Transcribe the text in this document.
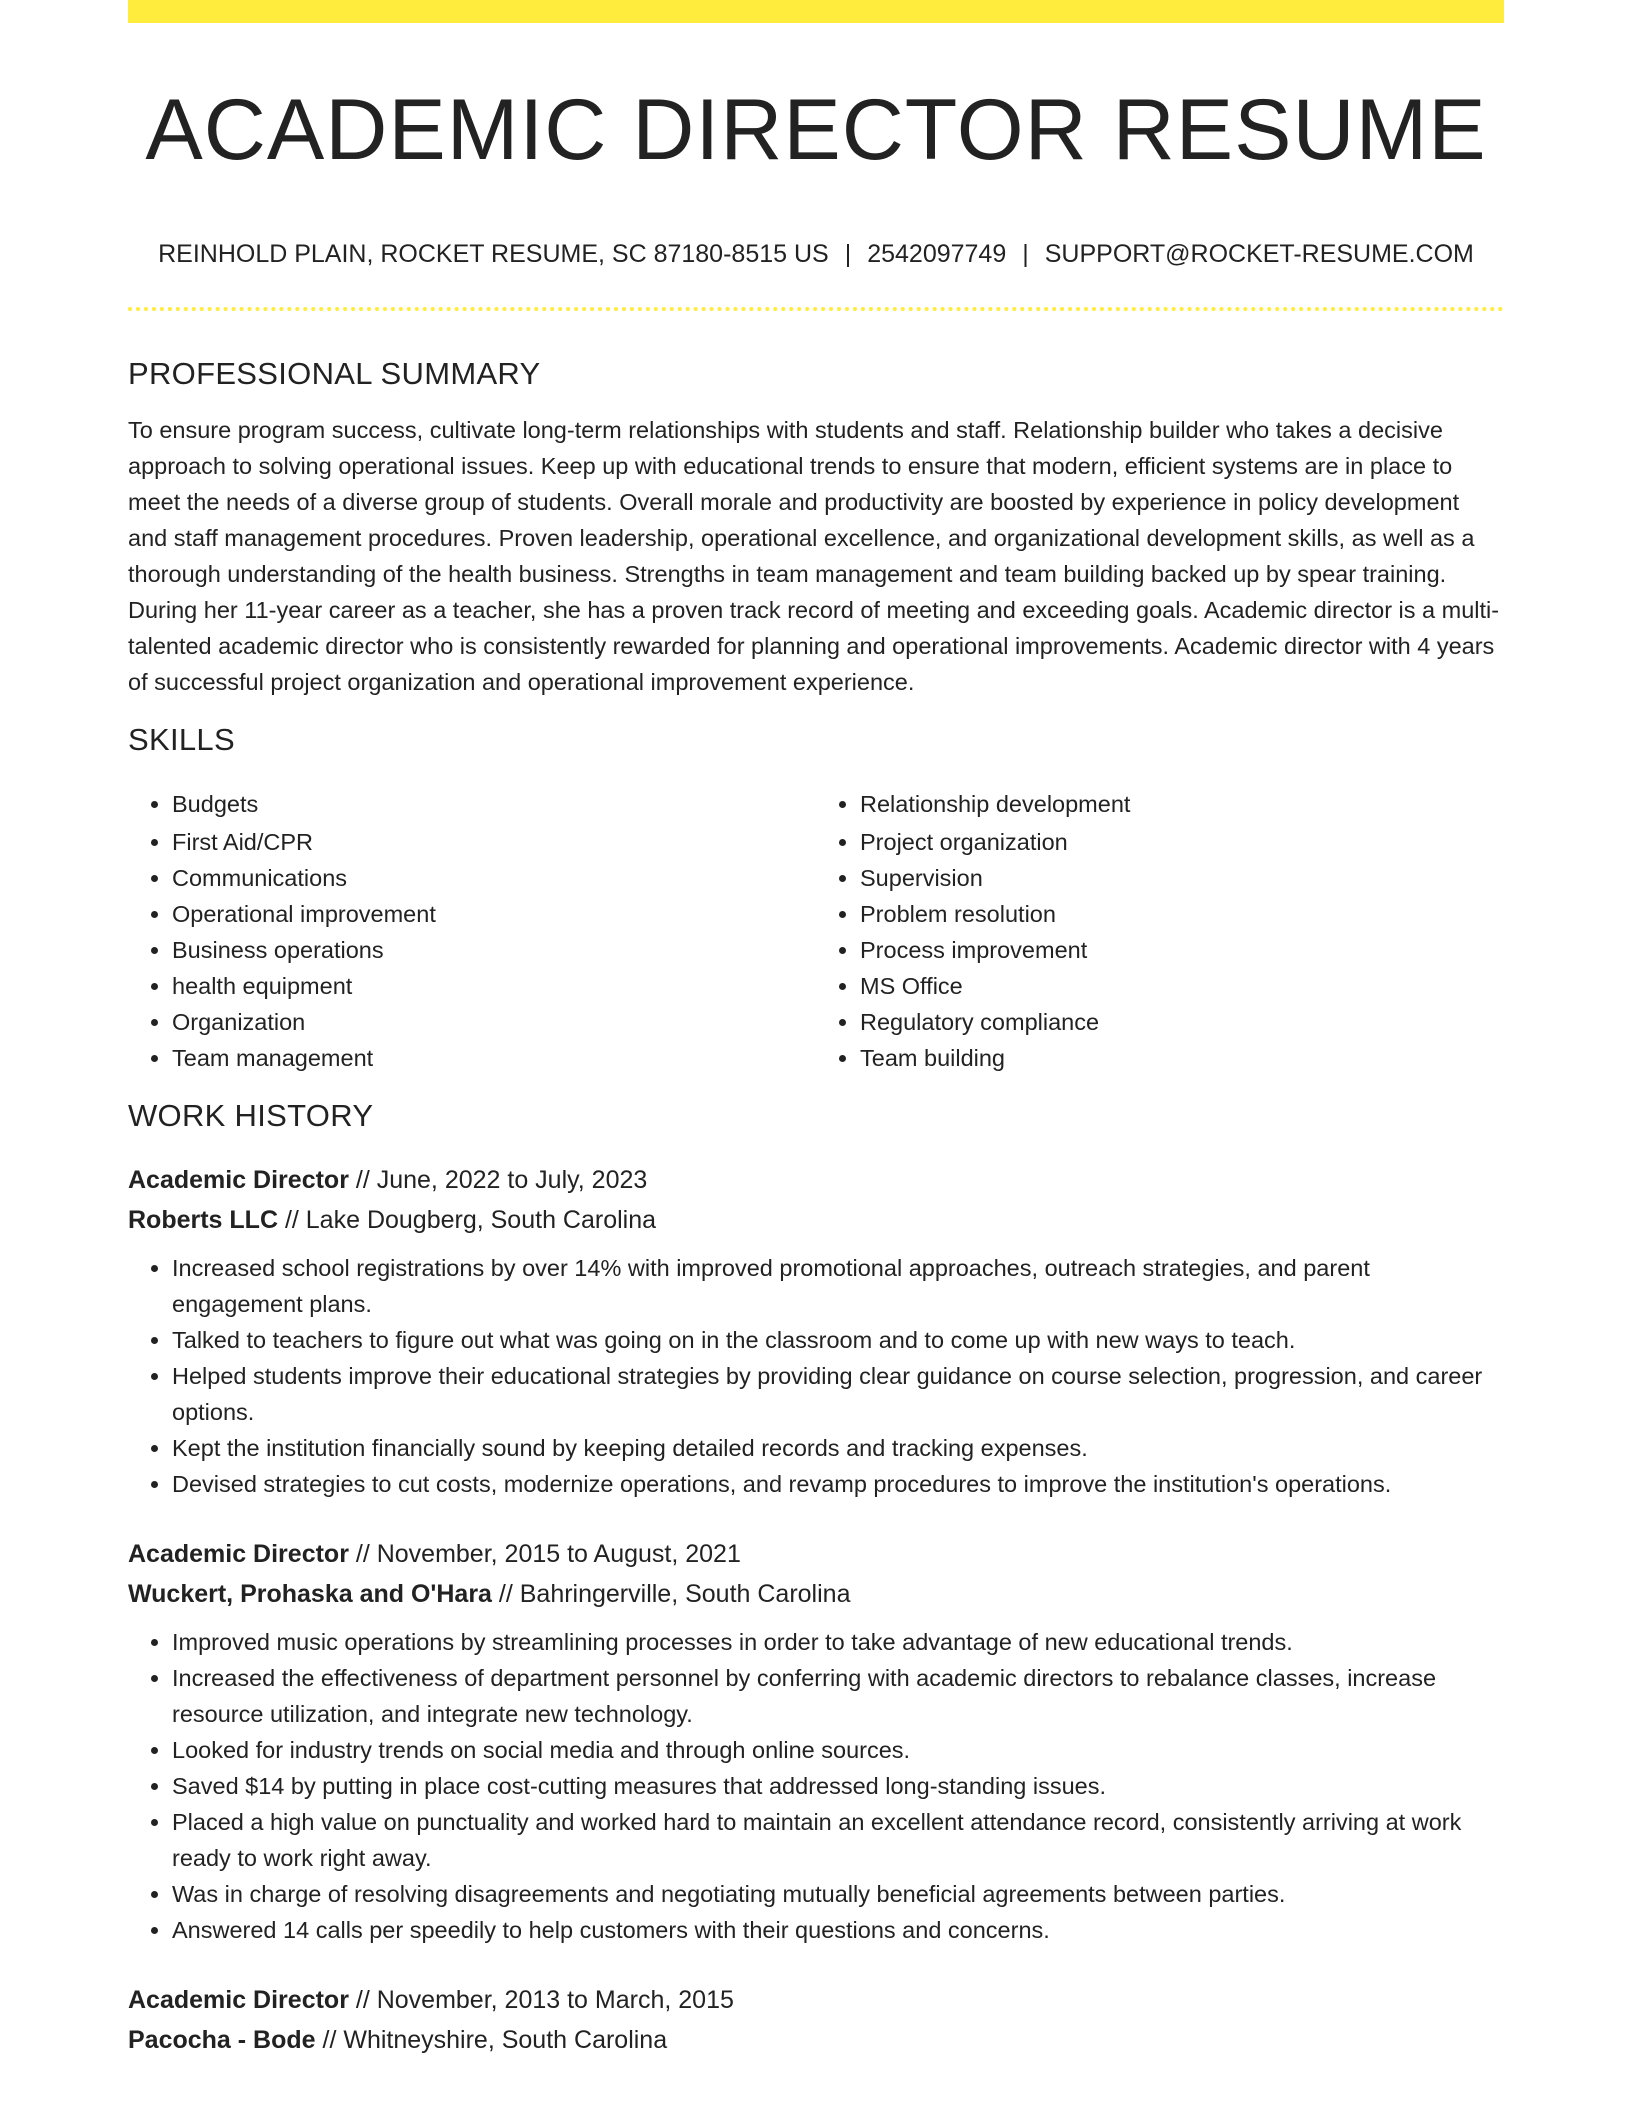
ACADEMIC DIRECTOR RESUME
REINHOLD PLAIN, ROCKET RESUME, SC 87180-8515 US | 2542097749 | SUPPORT@ROCKET-RESUME.COM
PROFESSIONAL SUMMARY

To ensure program success, cultivate long-term relationships with students and staff. Relationship builder who takes a decisive approach to solving operational issues. Keep up with educational trends to ensure that modern, efficient systems are in place to meet the needs of a diverse group of students. Overall morale and productivity are boosted by experience in policy development and staff management procedures. Proven leadership, operational excellence, and organizational development skills, as well as a thorough understanding of the health business. Strengths in team management and team building backed up by spear training. During her 11-year career as a teacher, she has a proven track record of meeting and exceeding goals. Academic director is a multi-talented academic director who is consistently rewarded for planning and operational improvements. Academic director with 4 years of successful project organization and operational improvement experience.

SKILLS
• Budgets
• First Aid/CPR
• Communications
• Operational improvement
• Business operations
• health equipment
• Organization
• Team management
• Relationship development
• Project organization
• Supervision
• Problem resolution
• Process improvement
• MS Office
• Regulatory compliance
• Team building
WORK HISTORY
Academic Director // June, 2022 to July, 2023
Roberts LLC // Lake Dougberg, South Carolina
• Increased school registrations by over 14% with improved promotional approaches, outreach strategies, and parent engagement plans.
• Talked to teachers to figure out what was going on in the classroom and to come up with new ways to teach.
• Helped students improve their educational strategies by providing clear guidance on course selection, progression, and career options.
• Kept the institution financially sound by keeping detailed records and tracking expenses.
• Devised strategies to cut costs, modernize operations, and revamp procedures to improve the institution's operations.
Academic Director // November, 2015 to August, 2021
Wuckert, Prohaska and O'Hara // Bahringerville, South Carolina
• Improved music operations by streamlining processes in order to take advantage of new educational trends.
• Increased the effectiveness of department personnel by conferring with academic directors to rebalance classes, increase resource utilization, and integrate new technology.
• Looked for industry trends on social media and through online sources.
• Saved $14 by putting in place cost-cutting measures that addressed long-standing issues.
• Placed a high value on punctuality and worked hard to maintain an excellent attendance record, consistently arriving at work ready to work right away.
• Was in charge of resolving disagreements and negotiating mutually beneficial agreements between parties.
• Answered 14 calls per speedily to help customers with their questions and concerns.
Academic Director // November, 2013 to March, 2015
Pacocha - Bode // Whitneyshire, South Carolina
